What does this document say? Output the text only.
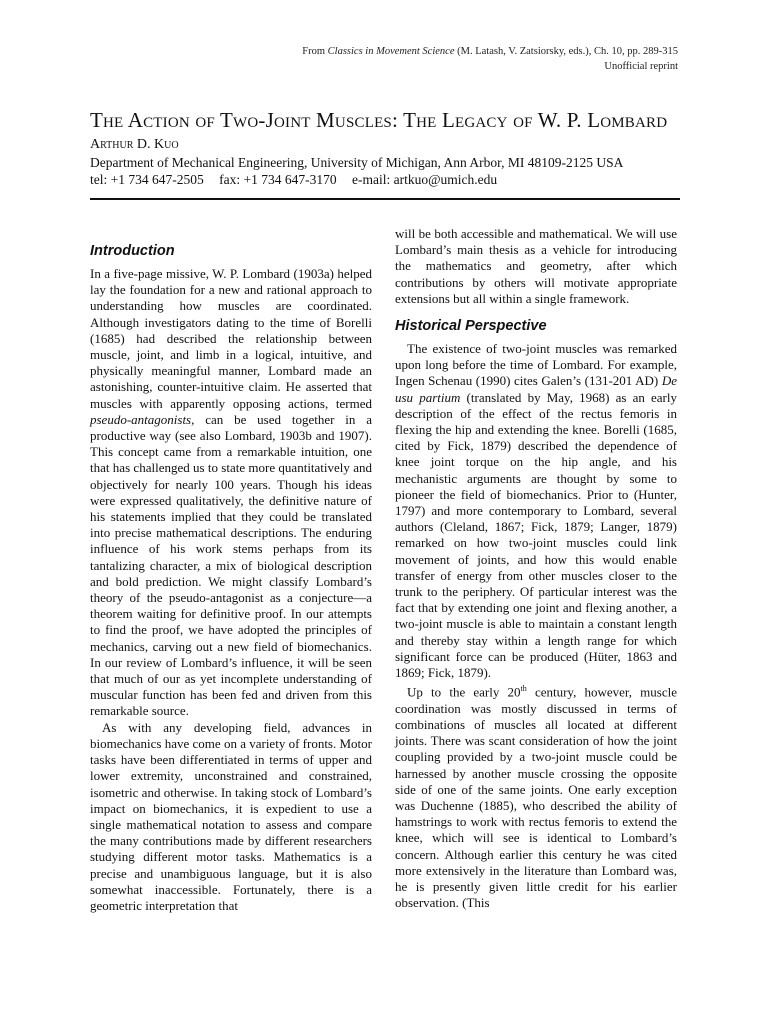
From Classics in Movement Science (M. Latash, V. Zatsiorsky, eds.), Ch. 10, pp. 289-315
Unofficial reprint
The Action of Two-Joint Muscles: The Legacy of W. P. Lombard
Arthur D. Kuo
Department of Mechanical Engineering, University of Michigan, Ann Arbor, MI 48109-2125 USA
tel: +1 734 647-2505 fax: +1 734 647-3170 e-mail: artkuo@umich.edu
Introduction

In a five-page missive, W. P. Lombard (1903a) helped lay the foundation for a new and rational approach to understanding how muscles are coordinated. Although investigators dating to the time of Borelli (1685) had described the relationship between muscle, joint, and limb in a logical, intuitive, and physically meaningful manner, Lombard made an astonishing, counter-intuitive claim. He asserted that muscles with apparently opposing actions, termed pseudo-antagonists, can be used together in a productive way (see also Lombard, 1903b and 1907). This concept came from a remarkable intuition, one that has challenged us to state more quantitatively and objectively for nearly 100 years. Though his ideas were expressed qualitatively, the definitive nature of his statements implied that they could be translated into precise mathematical descriptions. The enduring influence of his work stems perhaps from its tantalizing character, a mix of biological description and bold prediction. We might classify Lombard’s theory of the pseudo-antagonist as a conjecture—a theorem waiting for definitive proof. In our attempts to find the proof, we have adopted the principles of mechanics, carving out a new field of biomechanics. In our review of Lombard’s influence, it will be seen that much of our as yet incomplete understanding of muscular function has been fed and driven from this remarkable source.

As with any developing field, advances in biomechanics have come on a variety of fronts. Motor tasks have been differentiated in terms of upper and lower extremity, unconstrained and constrained, isometric and otherwise. In taking stock of Lombard’s impact on biomechanics, it is expedient to use a single mathematical notation to assess and compare the many contributions made by different researchers studying different motor tasks. Mathematics is a precise and unambiguous language, but it is also somewhat inaccessible. Fortunately, there is a geometric interpretation that

will be both accessible and mathematical. We will use Lombard’s main thesis as a vehicle for introducing the mathematics and geometry, after which contributions by others will motivate appropriate extensions but all within a single framework.

Historical Perspective

The existence of two-joint muscles was remarked upon long before the time of Lombard. For example, Ingen Schenau (1990) cites Galen’s (131-201 AD) De usu partium (translated by May, 1968) as an early description of the effect of the rectus femoris in flexing the hip and extending the knee. Borelli (1685, cited by Fick, 1879) described the dependence of knee joint torque on the hip angle, and his mechanistic arguments are thought by some to pioneer the field of biomechanics. Prior to (Hunter, 1797) and more contemporary to Lombard, several authors (Cleland, 1867; Fick, 1879; Langer, 1879) remarked on how two-joint muscles could link movement of joints, and how this would enable transfer of energy from other muscles closer to the trunk to the periphery. Of particular interest was the fact that by extending one joint and flexing another, a two-joint muscle is able to maintain a constant length and thereby stay within a length range for which significant force can be produced (Hüter, 1863 and 1869; Fick, 1879).

Up to the early 20th century, however, muscle coordination was mostly discussed in terms of combinations of muscles all located at different joints. There was scant consideration of how the joint coupling provided by a two-joint muscle could be harnessed by another muscle crossing the opposite side of one of the same joints. One early exception was Duchenne (1885), who described the ability of hamstrings to work with rectus femoris to extend the knee, which will see is identical to Lombard’s concern. Although earlier this century he was cited more extensively in the literature than Lombard was, he is presently given little credit for his earlier observation. (This
